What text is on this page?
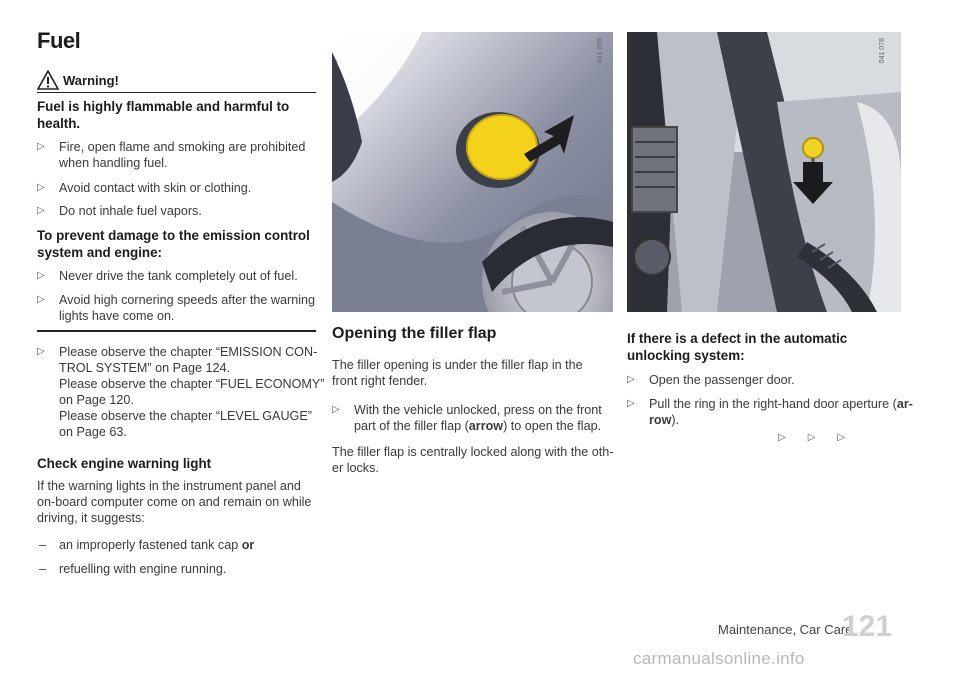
Fuel
Warning!
Fuel is highly flammable and harmful to health.
▷ Fire, open flame and smoking are prohibited when handling fuel.
▷ Avoid contact with skin or clothing.
▷ Do not inhale fuel vapors.
To prevent damage to the emission control system and engine:
▷ Never drive the tank completely out of fuel.
▷ Avoid high cornering speeds after the warning lights have come on.
▷ Please observe the chapter “EMISSION CON-TROL SYSTEM” on Page 124.
Please observe the chapter “FUEL ECONOMY” on Page 120.
Please observe the chapter “LEVEL GAUGE” on Page 63.
Check engine warning light
If the warning lights in the instrument panel and on-board computer come on and remain on while driving, it suggests:
– an improperly fastened tank cap or
– refuelling with engine running.
041 009	041 078
Opening the filler flap
The filler opening is under the filler flap in the front right fender.
▷ With the vehicle unlocked, press on the front part of the filler flap (arrow) to open the flap.
The filler flap is centrally locked along with the oth-er locks.
If there is a defect in the automatic unlocking system:
▷ Open the passenger door.
▷ Pull the ring in the right-hand door aperture (ar-row).
▷▷▷
Maintenance, Car Care
121
carmanualsonline.info
